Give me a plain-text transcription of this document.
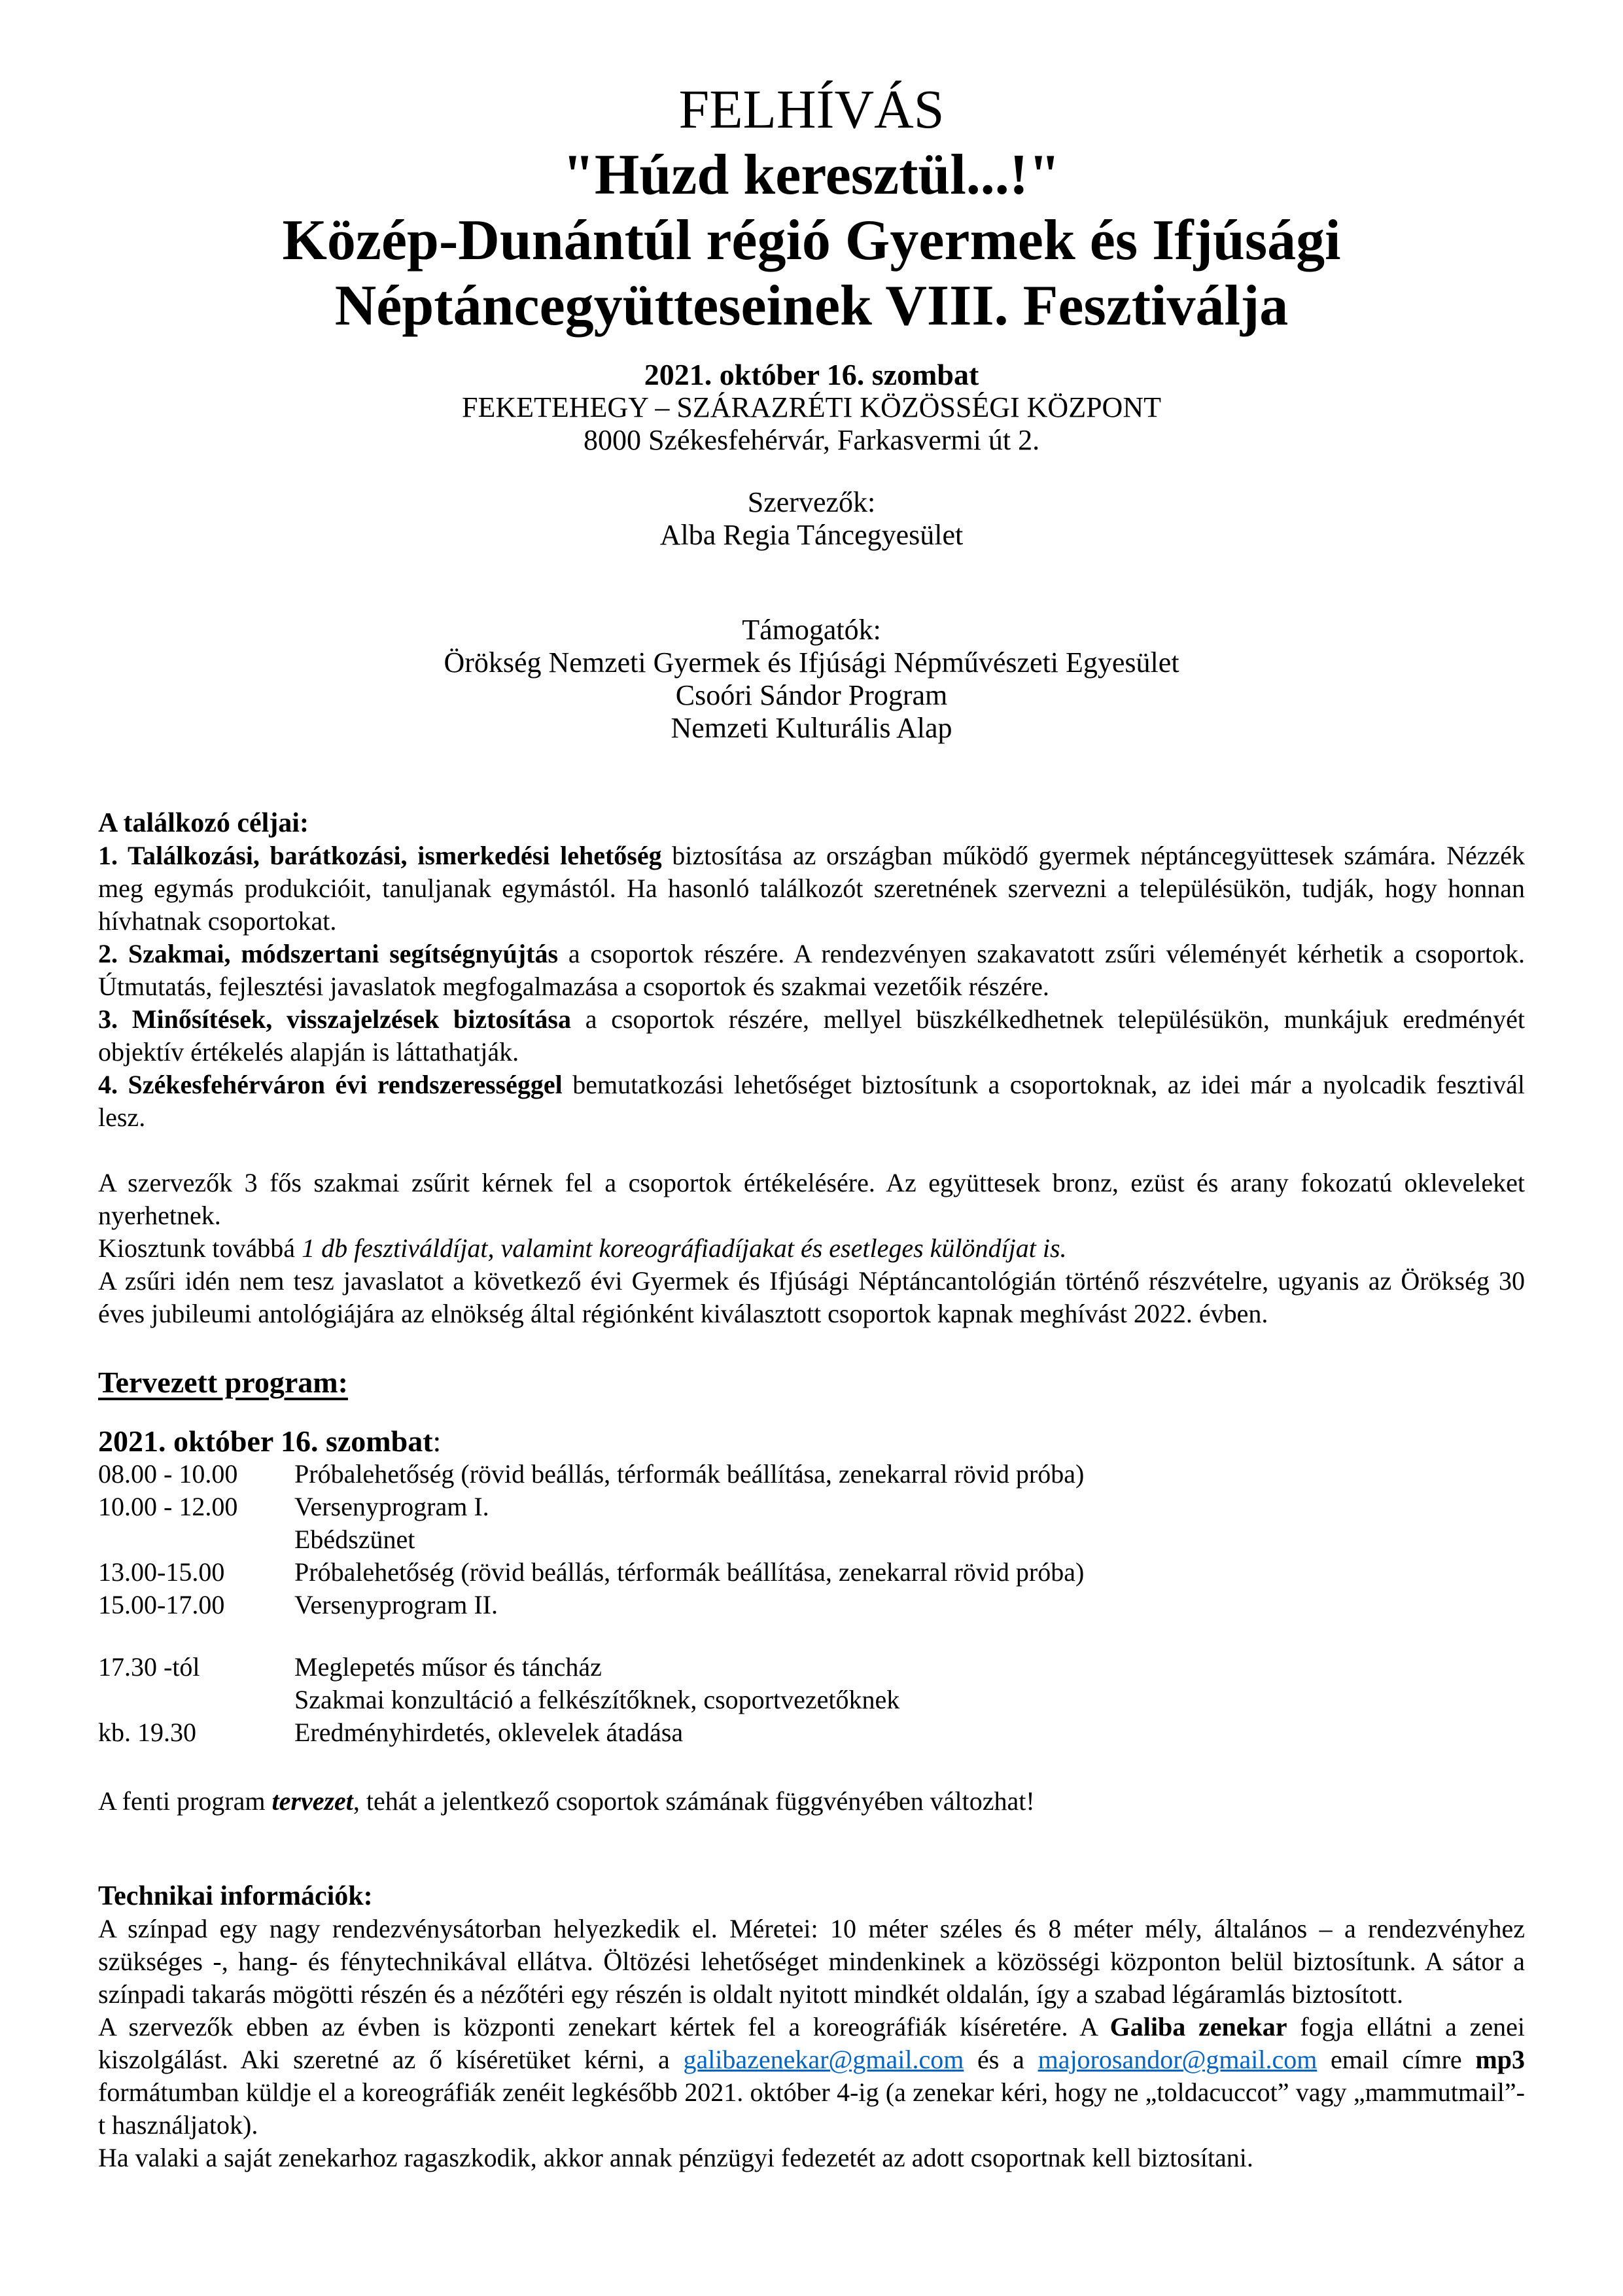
FELHÍVÁS
"Húzd keresztül...!"
Közép-Dunántúl régió Gyermek és Ifjúsági
Néptáncegyütteseinek VIII. Fesztiválja
2021. október 16. szombat
FEKETEHEGY – SZÁRAZRÉTI KÖZÖSSÉGI KÖZPONT
8000 Székesfehérvár, Farkasvermi út 2.
Szervezők:
Alba Regia Táncegyesület
Támogatók:
Örökség Nemzeti Gyermek és Ifjúsági Népművészeti Egyesület
Csoóri Sándor Program
Nemzeti Kulturális Alap
A találkozó céljai:
1. Találkozási, barátkozási, ismerkedési lehetőség biztosítása az országban működő gyermek néptáncegyüttesek számára. Nézzék meg egymás produkcióit, tanuljanak egymástól. Ha hasonló találkozót szeretnének szervezni a településükön, tudják, hogy honnan hívhatnak csoportokat.
2. Szakmai, módszertani segítségnyújtás a csoportok részére. A rendezvényen szakavatott zsűri véleményét kérhetik a csoportok. Útmutatás, fejlesztési javaslatok megfogalmazása a csoportok és szakmai vezetőik részére.
3. Minősítések, visszajelzések biztosítása a csoportok részére, mellyel büszkélkedhetnek településükön, munkájuk eredményét objektív értékelés alapján is láttathatják.
4. Székesfehérváron évi rendszerességgel bemutatkozási lehetőséget biztosítunk a csoportoknak, az idei már a nyolcadik fesztivál lesz.
A szervezők 3 fős szakmai zsűrit kérnek fel a csoportok értékelésére. Az együttesek bronz, ezüst és arany fokozatú okleveleket nyerhetnek.
Kiosztunk továbbá 1 db fesztiváldíjat, valamint koreográfiadíjakat és esetleges különdíjat is.
A zsűri idén nem tesz javaslatot a következő évi Gyermek és Ifjúsági Néptáncantológián történő részvételre, ugyanis az Örökség 30 éves jubileumi antológiájára az elnökség által régiónként kiválasztott csoportok kapnak meghívást 2022. évben.
Tervezett program:
2021. október 16. szombat:
08.00 - 10.00	Próbalehetőség (rövid beállás, térformák beállítása, zenekarral rövid próba)
10.00 - 12.00	Versenyprogram I.
Ebédszünet
13.00-15.00	Próbalehetőség (rövid beállás, térformák beállítása, zenekarral rövid próba)
15.00-17.00	Versenyprogram II.
17.30 -tól	Meglepetés műsor és táncház
Szakmai konzultáció a felkészítőknek, csoportvezetőknek
kb. 19.30	Eredményhirdetés, oklevelek átadása
A fenti program tervezet, tehát a jelentkező csoportok számának függvényében változhat!
Technikai információk:
A színpad egy nagy rendezvénysátorban helyezkedik el. Méretei: 10 méter széles és 8 méter mély, általános – a rendezvényhez szükséges -, hang- és fénytechnikával ellátva. Öltözési lehetőséget mindenkinek a közösségi központon belül biztosítunk. A sátor a színpadi takarás mögötti részén és a nézőtéri egy részén is oldalt nyitott mindkét oldalán, így a szabad légáramlás biztosított.
A szervezők ebben az évben is központi zenekart kértek fel a koreográfiák kíséretére. A Galiba zenekar fogja ellátni a zenei kiszolgálást. Aki szeretné az ő kíséretüket kérni, a galibazenekar@gmail.com és a majorosandor@gmail.com email címre mp3 formátumban küldje el a koreográfiák zenéit legkésőbb 2021. október 4-ig (a zenekar kéri, hogy ne „toldacuccot” vagy „mammutmail”-t használjatok).
Ha valaki a saját zenekarhoz ragaszkodik, akkor annak pénzügyi fedezetét az adott csoportnak kell biztosítani.
